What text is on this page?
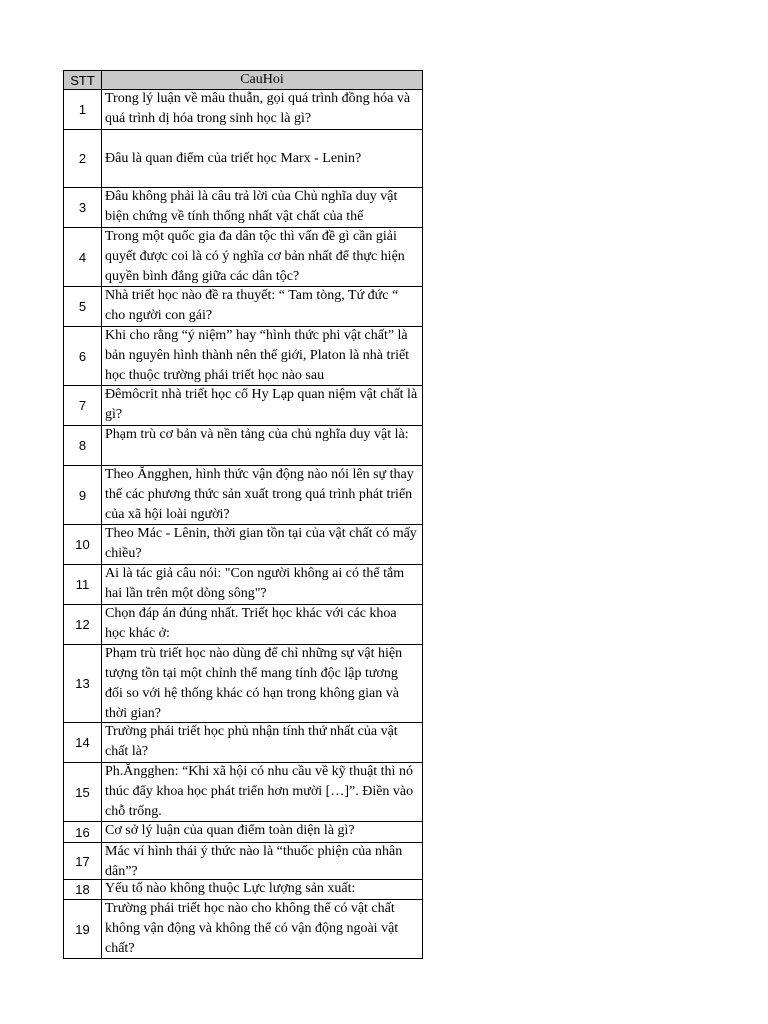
STT	CauHoi
1	Trong lý luận về mâu thuẫn, gọi quá trình đồng hóa và quá trình dị hóa trong sinh học là gì?

2	Đâu là quan điểm của triết học Marx - Lenin?

3	Đâu không phải là câu trả lời của Chủ nghĩa duy vật biện chứng về tính thống nhất vật chất của thế

4	Trong một quốc gia đa dân tộc thì vấn đề gì cần giải quyết được coi là có ý nghĩa cơ bản nhất để thực hiện quyền bình đẳng giữa các dân tộc?

5	Nhà triết học nào đề ra thuyết: “ Tam tòng, Tứ đức “ cho người con gái?

6	Khi cho rằng “ý niệm” hay “hình thức phi vật chất” là bản nguyên hình thành nên thế giới, Platon là nhà triết học thuộc trường phái triết học nào sau

7	Đêmôcrit nhà triết học cổ Hy Lạp quan niệm vật chất là gì?

8	Phạm trù cơ bản và nền tảng của chủ nghĩa duy vật là:

9	Theo Ăngghen, hình thức vận động nào nói lên sự thay thế các phương thức sản xuất trong quá trình phát triển của xã hội loài người?

10	Theo Mác - Lênin, thời gian tồn tại của vật chất có mấy chiều?

11	Ai là tác giả câu nói: "Con người không ai có thể tắm hai lần trên một dòng sông"?

12	Chọn đáp án đúng nhất. Triết học khác với các khoa học khác ở:

13	Phạm trù triết học nào dùng để chỉ những sự vật hiện tượng tồn tại một chỉnh thể mang tính độc lập tương đối so với hệ thống khác có hạn trong không gian và thời gian?

14	Trường phái triết học phủ nhận tính thứ nhất của vật chất là?

15	Ph.Ăngghen: “Khi xã hội có nhu cầu về kỹ thuật thì nó thúc đẩy khoa học phát triển hơn mười […]”. Điền vào chỗ trống.

16	Cơ sở lý luận của quan điểm toàn diện là gì?

17	Mác ví hình thái ý thức nào là “thuốc phiện của nhân dân”?

18	Yếu tố nào không thuộc Lực lượng sản xuất:

19	Trường phái triết học nào cho không thể có vật chất không vận động và không thể có vận động ngoài vật chất?
